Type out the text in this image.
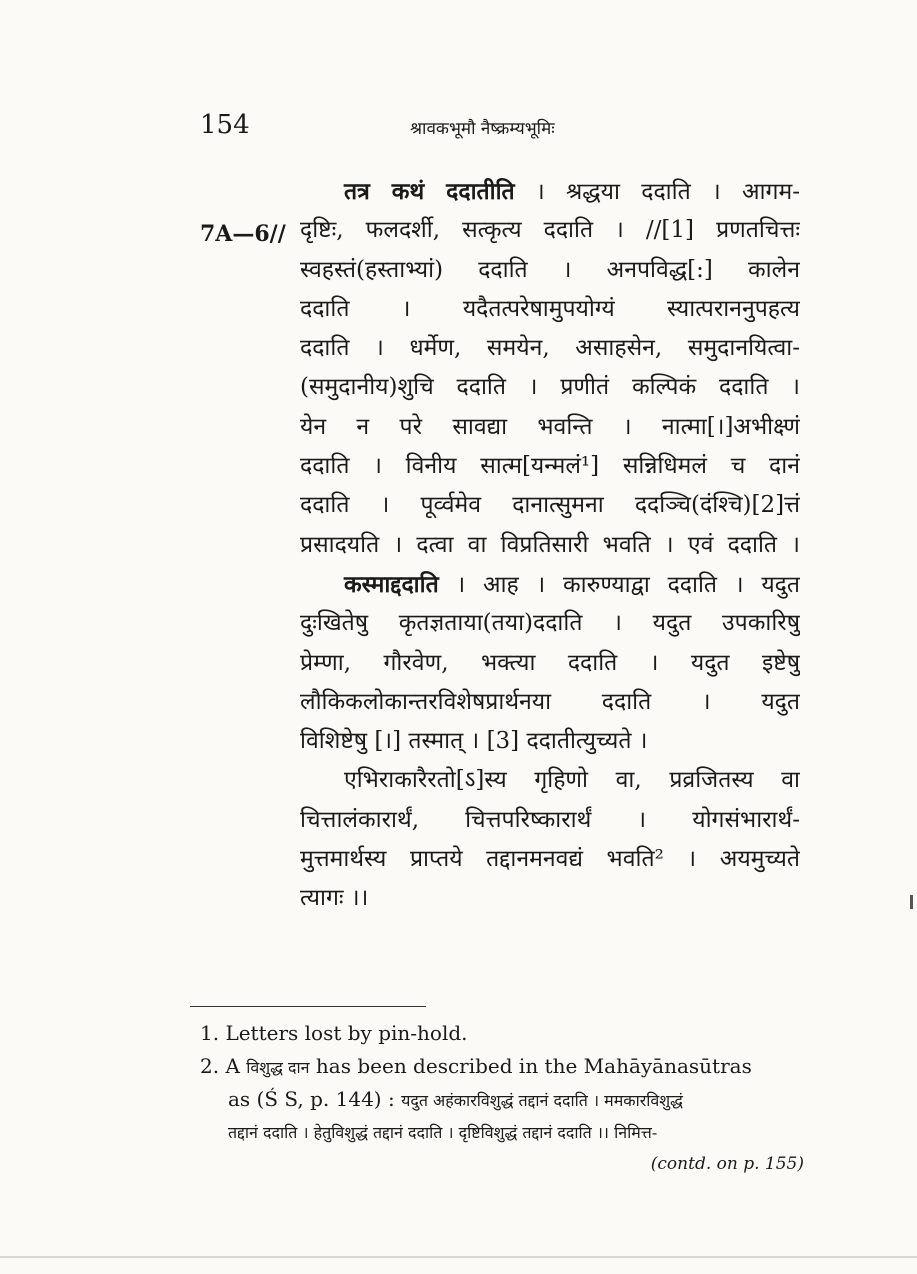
154	श्रावकभूमौ नैष्क्रम्यभूमिः
7A—6//
तत्र कथं ददातीति । श्रद्धया ददाति । आगम-
दृष्टिः, फलदर्शी, सत्कृत्य ददाति । //[1] प्रणतचित्तः
स्वहस्तं(हस्ताभ्यां) ददाति । अनपविद्ध[:] कालेन
ददाति । यदैतत्परेषामुपयोग्यं स्यात्पराननुपहत्य
ददाति । धर्मेण, समयेन, असाहसेन, समुदानयित्वा-
(समुदानीय)शुचि ददाति । प्रणीतं कल्पिकं ददाति ।
येन न परे सावद्या भवन्ति । नात्मा[।]अभीक्ष्णं
ददाति । विनीय सात्म[यन्मलं¹] सन्निधिमलं च दानं
ददाति । पूर्व्वमेव दानात्सुमना ददञ्चि(दंश्चि)[2]त्तं
प्रसादयति । दत्वा वा विप्रतिसारी भवति । एवं ददाति ।
कस्माद्ददाति । आह । कारुण्याद्वा ददाति । यदुत
दुःखितेषु कृतज्ञताया(तया)ददाति । यदुत उपकारिषु
प्रेम्णा, गौरवेण, भक्त्या ददाति । यदुत इष्टेषु
लौकिकलोकान्तरविशेषप्रार्थनया ददाति । यदुत
विशिष्टेषु [।] तस्मात् । [3] ददातीत्युच्यते ।
एभिराकारैरतो[ऽ]स्य गृहिणो वा, प्रव्रजितस्य वा
चित्तालंकारार्थं, चित्तपरिष्कारार्थं । योगसंभारार्थं-
मुत्तमार्थस्य प्राप्तये तद्दानमनवद्यं भवति² । अयमुच्यते
त्यागः ।।
1. Letters lost by pin-hold.
2. A विशुद्ध दान has been described in the Mahāyānasūtras
as (Ś S, p. 144) : यदुत अहंकारविशुद्धं तद्दानं ददाति । ममकारविशुद्धं
तद्दानं ददाति । हेतुविशुद्धं तद्दानं ददाति । दृष्टिविशुद्धं तद्दानं ददाति ।। निमित्त-
(contd. on p. 155)
